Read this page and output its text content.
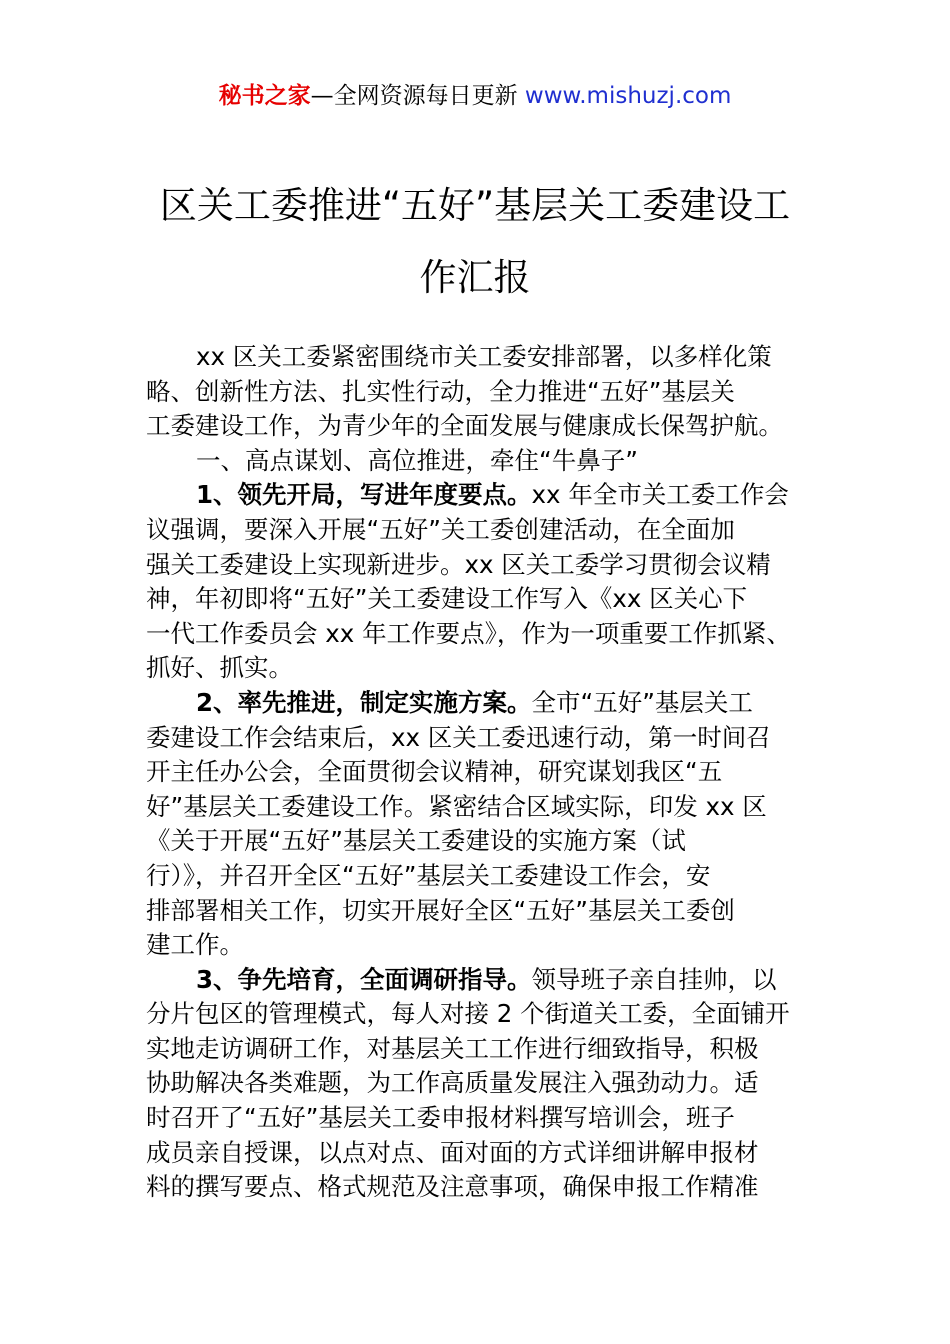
秘书之家—全网资源每日更新 www.mishuzj.com
区关工委推进“五好”基层关工委建设工
作汇报
xx 区关工委紧密围绕市关工委安排部署，以多样化策
略、创新性方法、扎实性行动，全力推进“五好”基层关
工委建设工作，为青少年的全面发展与健康成长保驾护航。
一、高点谋划、高位推进，牵住“牛鼻子”
1、领先开局，写进年度要点。xx 年全市关工委工作会
议强调，要深入开展“五好”关工委创建活动，在全面加
强关工委建设上实现新进步。xx 区关工委学习贯彻会议精
神，年初即将“五好”关工委建设工作写入《xx 区关心下
一代工作委员会 xx 年工作要点》，作为一项重要工作抓紧、
抓好、抓实。
2、率先推进，制定实施方案。全市“五好”基层关工
委建设工作会结束后，xx 区关工委迅速行动，第一时间召
开主任办公会，全面贯彻会议精神，研究谋划我区“五
好”基层关工委建设工作。紧密结合区域实际，印发 xx 区
《关于开展“五好”基层关工委建设的实施方案（试
行）》，并召开全区“五好”基层关工委建设工作会，安
排部署相关工作，切实开展好全区“五好”基层关工委创
建工作。
3、争先培育，全面调研指导。领导班子亲自挂帅，以
分片包区的管理模式，每人对接 2 个街道关工委，全面铺开
实地走访调研工作，对基层关工工作进行细致指导，积极
协助解决各类难题，为工作高质量发展注入强劲动力。适
时召开了“五好”基层关工委申报材料撰写培训会，班子
成员亲自授课，以点对点、面对面的方式详细讲解申报材
料的撰写要点、格式规范及注意事项，确保申报工作精准
